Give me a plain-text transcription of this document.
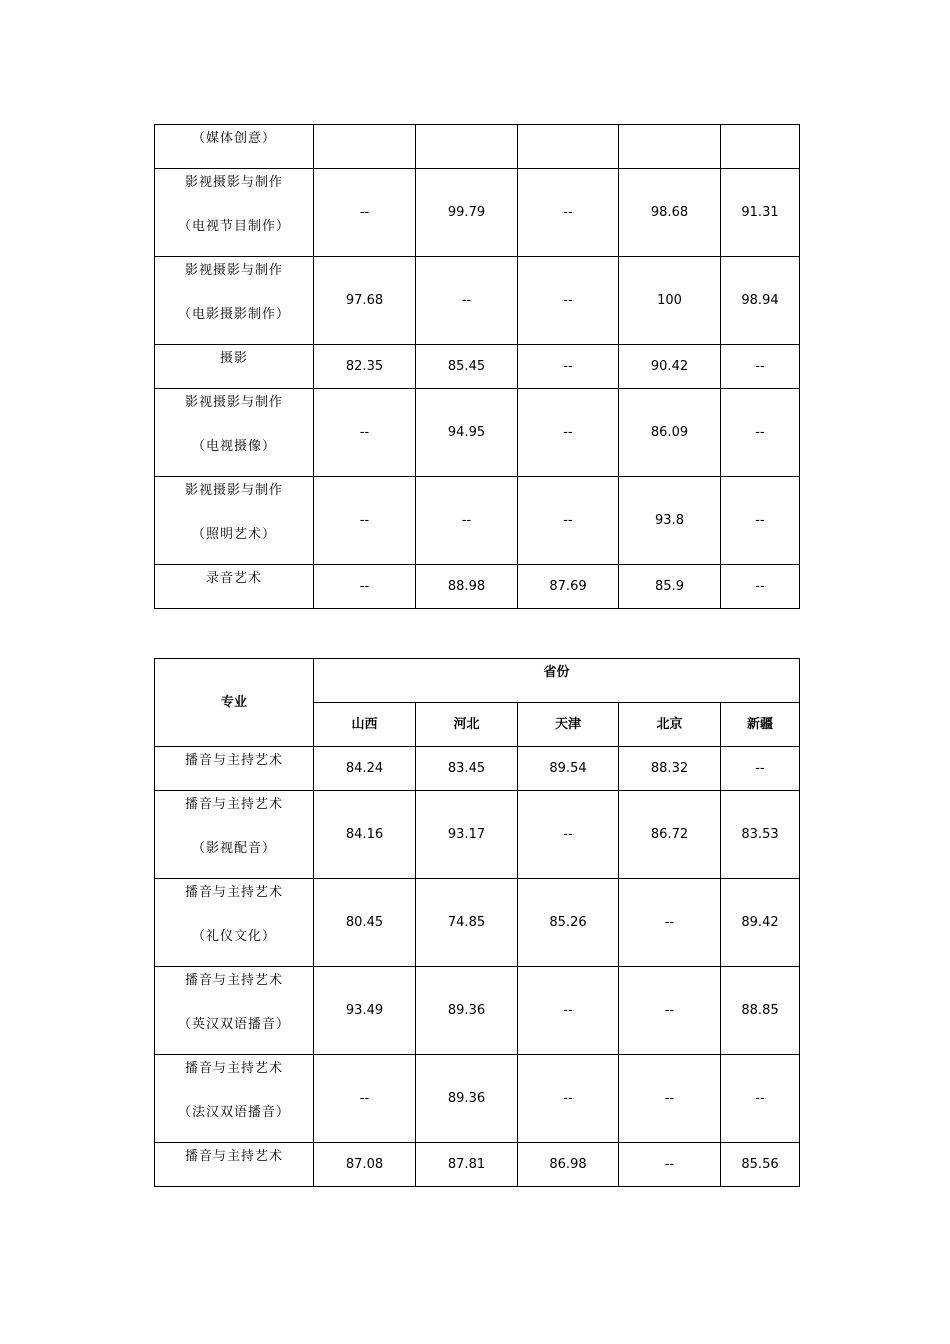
（媒体创意）					

影视摄影与制作
（电视节目制作）	--	99.79	--	98.68	91.31

影视摄影与制作
（电影摄影制作）	97.68	--	--	100	98.94

摄影	82.35	85.45	--	90.42	--

影视摄影与制作
（电视摄像）	--	94.95	--	86.09	--

影视摄影与制作
（照明艺术）	--	--	--	93.8	--

录音艺术	--	88.98	87.69	85.9	--
专业	省份				
	山西	河北	天津	北京	新疆

播音与主持艺术	84.24	83.45	89.54	88.32	--

播音与主持艺术
（影视配音）	84.16	93.17	--	86.72	83.53

播音与主持艺术
（礼仪文化）	80.45	74.85	85.26	--	89.42

播音与主持艺术
（英汉双语播音）	93.49	89.36	--	--	88.85

播音与主持艺术
（法汉双语播音）	--	89.36	--	--	--

播音与主持艺术	87.08	87.81	86.98	--	85.56
